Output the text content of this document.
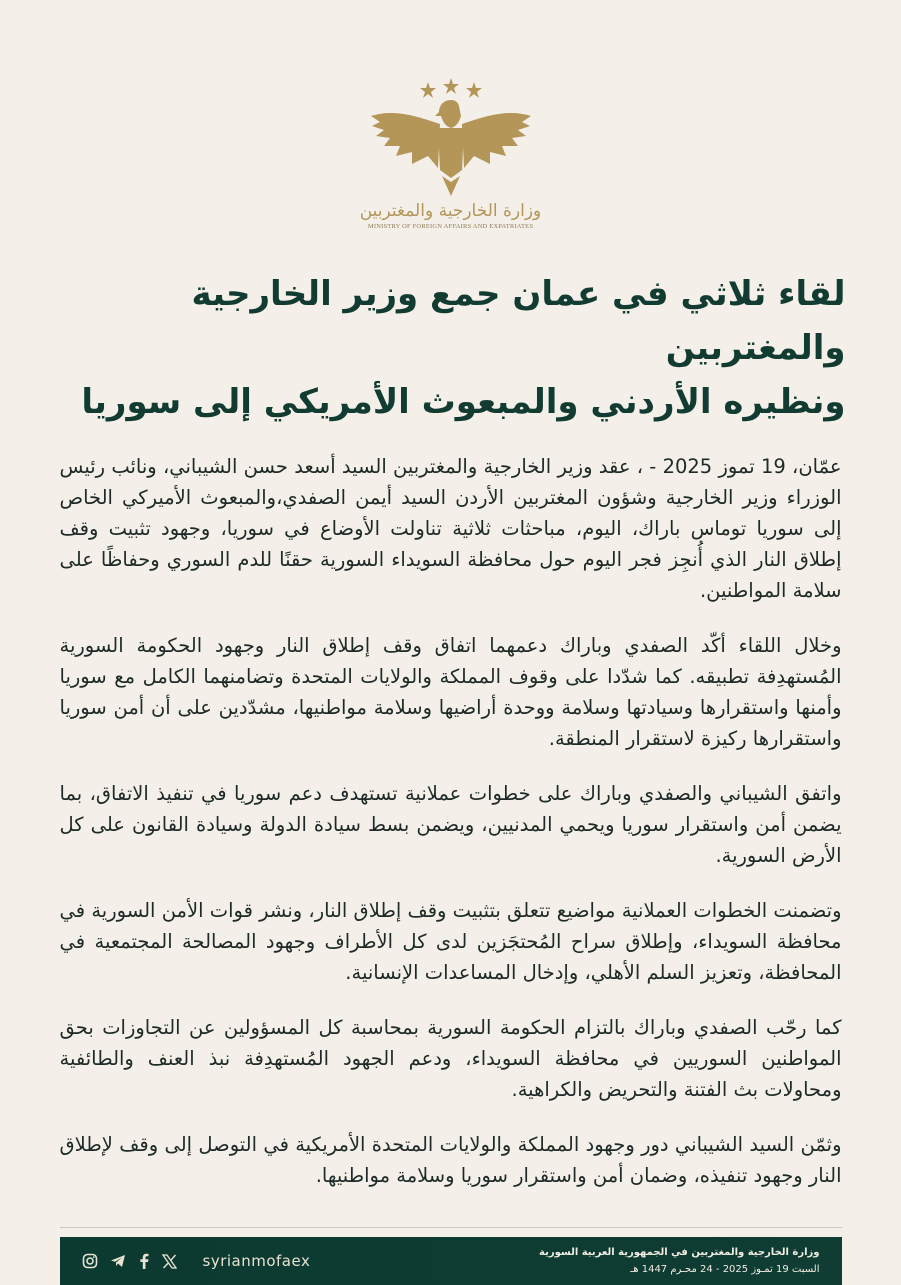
وزارة الخارجية والمغتربين
MINISTRY OF FOREIGN AFFAIRS AND EXPATRIATES
لقاء ثلاثي في عمان جمع وزير الخارجية والمغتربين
ونظيره الأردني والمبعوث الأمريكي إلى سوريا

عمّان، 19 تموز 2025 - ، عقد وزير الخارجية والمغتربين السيد أسعد حسن الشيباني، ونائب رئيس الوزراء وزير الخارجية وشؤون المغتربين الأردن السيد أيمن الصفدي،والمبعوث الأميركي الخاص إلى سوريا توماس باراك، اليوم، مباحثات ثلاثية تناولت الأوضاع في سوريا، وجهود تثبيت وقف إطلاق النار الذي أُنجِز فجر اليوم حول محافظة السويداء السورية حقنًا للدم السوري وحفاظًا على سلامة المواطنين.

وخلال اللقاء أكّد الصفدي وباراك دعمهما اتفاق وقف إطلاق النار وجهود الحكومة السورية المُستهدِفة تطبيقه. كما شدّدا على وقوف المملكة والولايات المتحدة وتضامنهما الكامل مع سوريا وأمنها واستقرارها وسيادتها وسلامة ووحدة أراضيها وسلامة مواطنيها، مشدّدين على أن أمن سوريا واستقرارها ركيزة لاستقرار المنطقة.

واتفق الشيباني والصفدي وباراك على خطوات عملانية تستهدف دعم سوريا في تنفيذ الاتفاق، بما يضمن أمن واستقرار سوريا ويحمي المدنيين، ويضمن بسط سيادة الدولة وسيادة القانون على كل الأرض السورية.

وتضمنت الخطوات العملانية مواضيع تتعلق بتثبيت وقف إطلاق النار، ونشر قوات الأمن السورية في محافظة السويداء، وإطلاق سراح المُحتجَزين لدى كل الأطراف وجهود المصالحة المجتمعية في المحافظة، وتعزيز السلم الأهلي، وإدخال المساعدات الإنسانية.

كما رحّب الصفدي وباراك بالتزام الحكومة السورية بمحاسبة كل المسؤولين عن التجاوزات بحق المواطنين السوريين في محافظة السويداء، ودعم الجهود المُستهدِفة نبذ العنف والطائفية ومحاولات بث الفتنة والتحريض والكراهية.

وثمّن السيد الشيباني دور وجهود المملكة والولايات المتحدة الأمريكية في التوصل إلى وقف لإطلاق النار وجهود تنفيذه، وضمان أمن واستقرار سوريا وسلامة مواطنيها.

syrianmofaex	وزارة الخارجية والمغتربين في الجمهورية العربية السورية
السبت 19 تمـوز 2025 - 24 محـرم 1447 هـ
